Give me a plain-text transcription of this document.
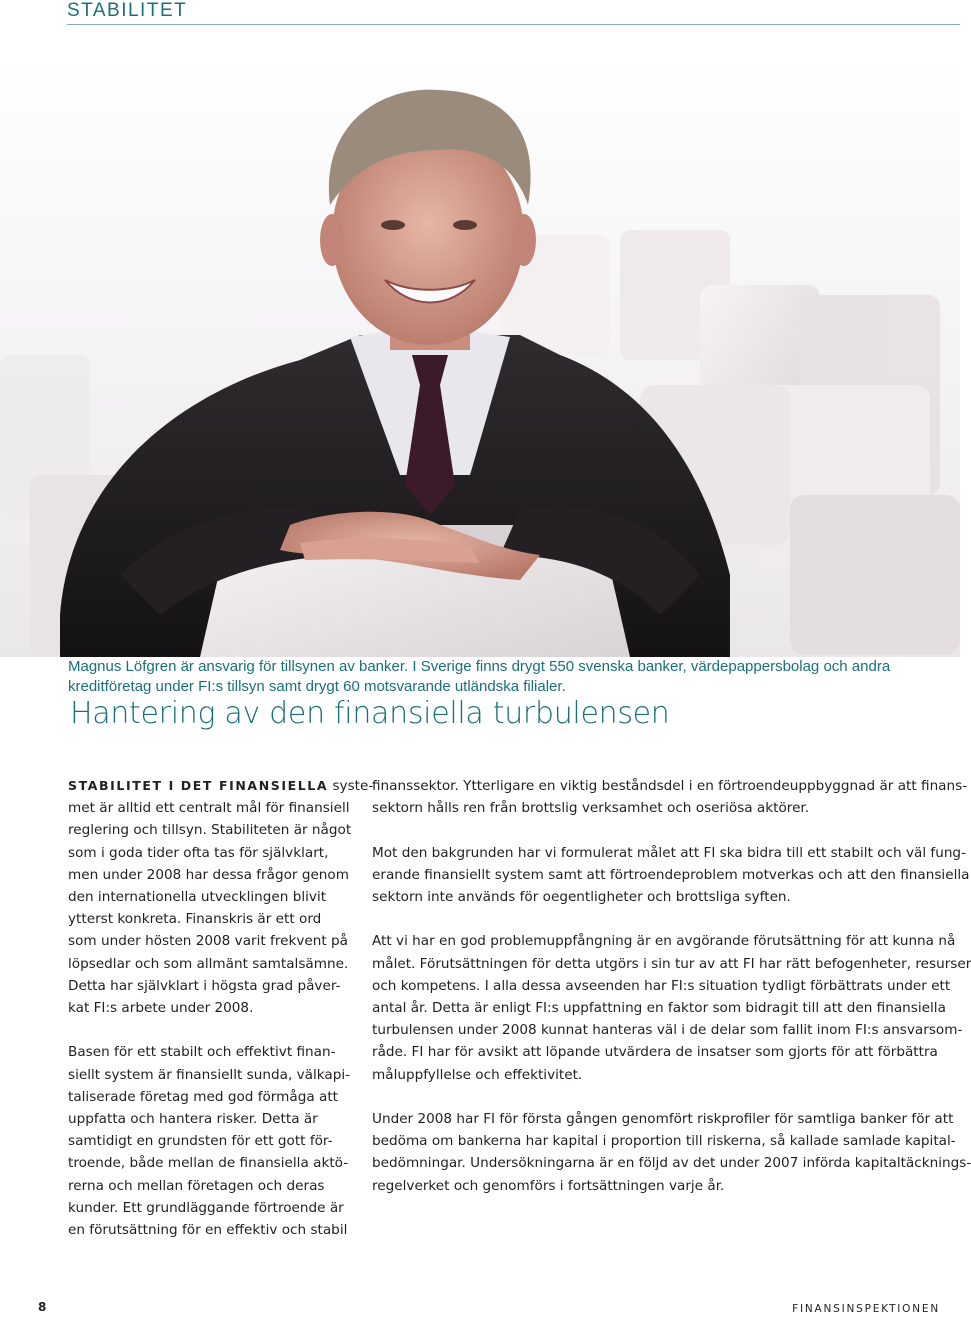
STABILITET

Magnus Löfgren är ansvarig för tillsynen av banker. I Sverige finns drygt 550 svenska banker, värdepappersbolag och andra kreditföretag under FI:s tillsyn samt drygt 60 motsvarande utländska filialer.

Hantering av den finansiella turbulensen

STABILITET I DET FINANSIELLA syste-
met är alltid ett centralt mål för finansiell
reglering och tillsyn. Stabiliteten är något
som i goda tider ofta tas för självklart,
men under 2008 har dessa frågor genom
den internationella utvecklingen blivit
ytterst konkreta. Finanskris är ett ord
som under hösten 2008 varit frekvent på
löpsedlar och som allmänt samtalsämne.
Detta har självklart i högsta grad påver-
kat FI:s arbete under 2008.

Basen för ett stabilt och effektivt finan-
siellt system är finansiellt sunda, välkapi-
taliserade företag med god förmåga att
uppfatta och hantera risker. Detta är
samtidigt en grundsten för ett gott för-
troende, både mellan de finansiella aktö-
rerna och mellan företagen och deras
kunder. Ett grundläggande förtroende är
en förutsättning för en effektiv och stabil

finanssektor. Ytterligare en viktig beståndsdel i en förtroendeuppbyggnad är att finans-
sektorn hålls ren från brottslig verksamhet och oseriösa aktörer.

Mot den bakgrunden har vi formulerat målet att FI ska bidra till ett stabilt och väl fung-
erande finansiellt system samt att förtroendeproblem motverkas och att den finansiella
sektorn inte används för oegentligheter och brottsliga syften.

Att vi har en god problemuppfångning är en avgörande förutsättning för att kunna nå
målet. Förutsättningen för detta utgörs i sin tur av att FI har rätt befogenheter, resurser
och kompetens. I alla dessa avseenden har FI:s situation tydligt förbättrats under ett
antal år. Detta är enligt FI:s uppfattning en faktor som bidragit till att den finansiella
turbulensen under 2008 kunnat hanteras väl i de delar som fallit inom FI:s ansvarsom-
råde. FI har för avsikt att löpande utvärdera de insatser som gjorts för att förbättra
måluppfyllelse och effektivitet.

Under 2008 har FI för första gången genomfört riskprofiler för samtliga banker för att
bedöma om bankerna har kapital i proportion till riskerna, så kallade samlade kapital-
bedömningar. Undersökningarna är en följd av det under 2007 införda kapitaltäcknings-
regelverket och genomförs i fortsättningen varje år.

8	FINANSINSPEKTIONEN
